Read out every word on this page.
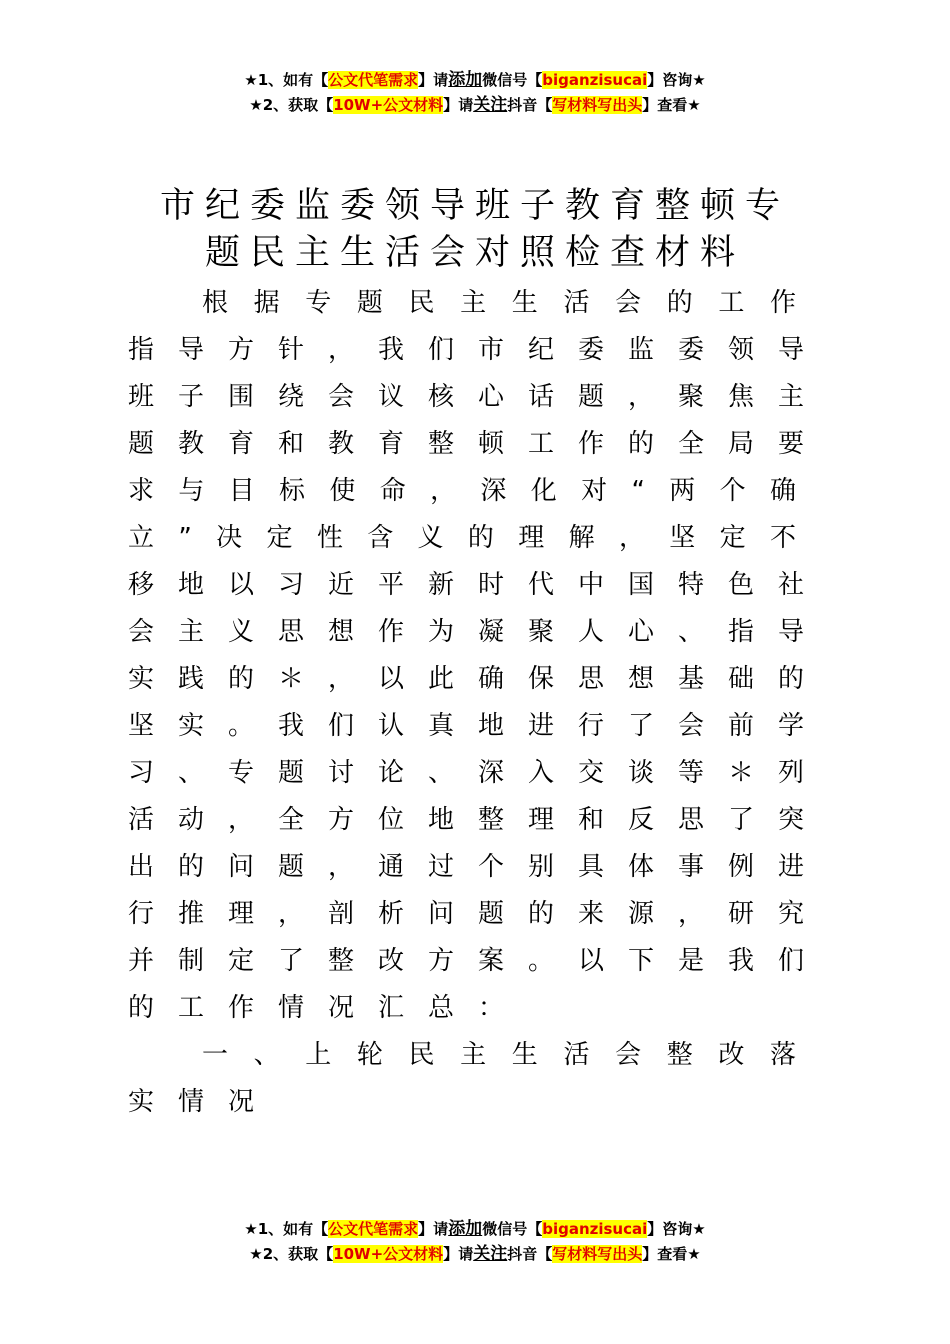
★1、如有【公文代笔需求】请添加微信号【biganzisucai】咨询★
★2、获取【10W+公文材料】请关注抖音【写材料写出头】查看★
市纪委监委领导班子教育整顿专
题民主生活会对照检查材料
根据专题民主生活会的工作
指导方针，我们市纪委监委领导
班子围绕会议核心话题，聚焦主
题教育和教育整顿工作的全局要
求与目标使命，深化对“两个确
立”决定性含义的理解，坚定不
移地以习近平新时代中国特色社
会主义思想作为凝聚人心、指导
实践的＊，以此确保思想基础的
坚实。我们认真地进行了会前学
习、专题讨论、深入交谈等＊列
活动，全方位地整理和反思了突
出的问题，通过个别具体事例进
行推理，剖析问题的来源，研究
并制定了整改方案。以下是我们
的工作情况汇总：
一、上轮民主生活会整改落
实情况
★1、如有【公文代笔需求】请添加微信号【biganzisucai】咨询★
★2、获取【10W+公文材料】请关注抖音【写材料写出头】查看★
